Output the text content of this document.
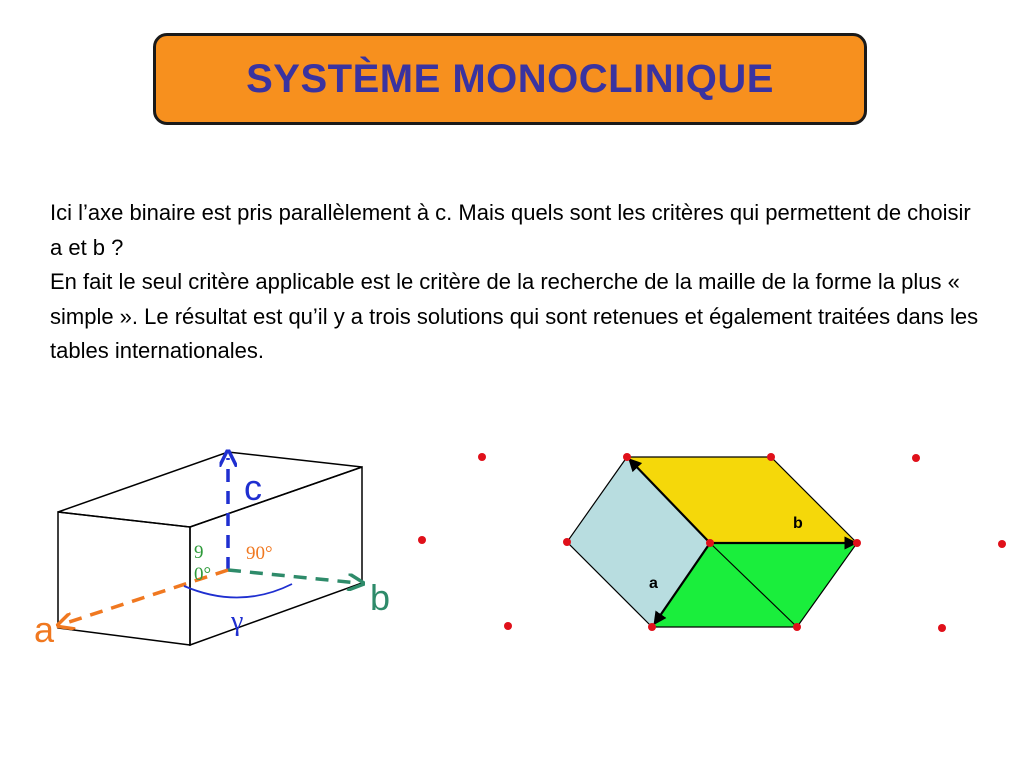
SYSTÈME MONOCLINIQUE

Ici l’axe binaire est pris parallèlement à c. Mais quels sont les critères qui permettent de choisir a et b ?

En fait le seul critère applicable est le critère de la recherche de la maille de la forme la plus « simple ». Le résultat est qu’il y a trois solutions qui sont retenues et également traitées dans les tables internationales.

c
b
a
90°
γ
90°
b
a
